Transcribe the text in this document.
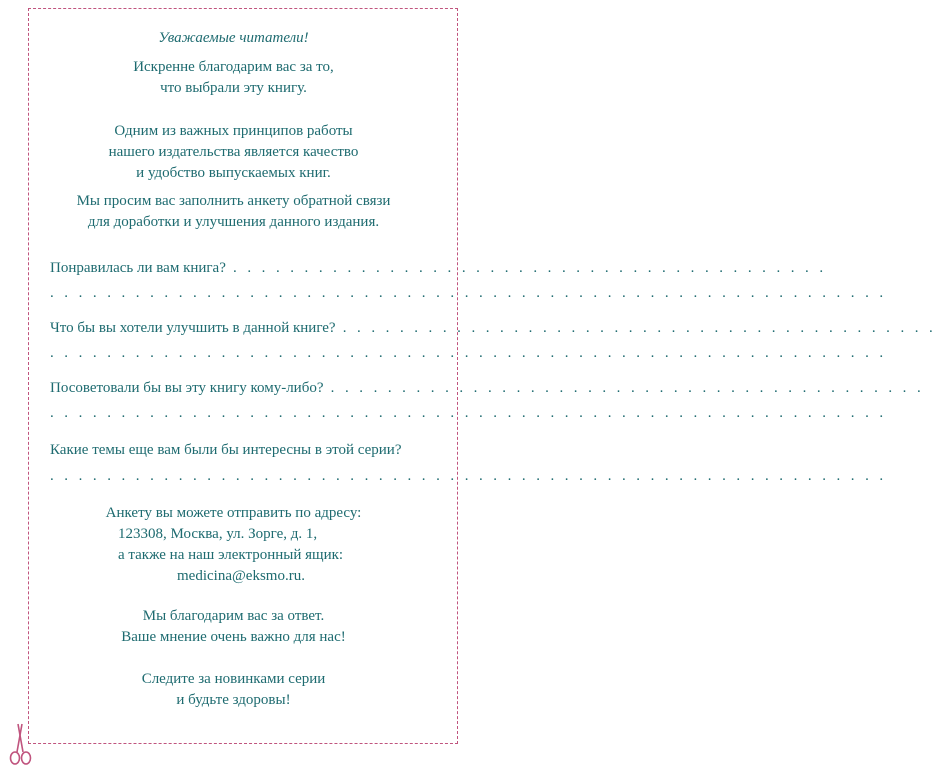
Уважаемые читатели!
Искренне благодарим вас за то,
что выбрали эту книгу.
Одним из важных принципов работы
нашего издательства является качество
и удобство выпускаемых книг.
Мы просим вас заполнить анкету обратной связи
для доработки и улучшения данного издания.
Понравилась ли вам книга? . . . . . . . . . . . . . . . . . . . . . . . . . . . . . . . . . . . . . . . . . .
. . . . . . . . . . . . . . . . . . . . . . . . . . . . . . . . . . . . . . . . . . . . . . . . . . . . . . . . . . .
Что бы вы хотели улучшить в данной книге? . . . . . . . . . . . . . . . . . . . . . . . . . . . . . . . . . . . . . . . . . .
. . . . . . . . . . . . . . . . . . . . . . . . . . . . . . . . . . . . . . . . . . . . . . . . . . . . . . . . . . .
Посоветовали бы вы эту книгу кому-либо? . . . . . . . . . . . . . . . . . . . . . . . . . . . . . . . . . . . . . . . . . .
. . . . . . . . . . . . . . . . . . . . . . . . . . . . . . . . . . . . . . . . . . . . . . . . . . . . . . . . . . .
Какие темы еще вам были бы интересны в этой серии?
. . . . . . . . . . . . . . . . . . . . . . . . . . . . . . . . . . . . . . . . . . . . . . . . . . . . . . . . . . .
Анкету вы можете отправить по адресу:
123308, Москва, ул. Зорге, д. 1,
а также на наш электронный ящик:
medicina@eksmo.ru.
Мы благодарим вас за ответ.
Ваше мнение очень важно для нас!
Следите за новинками серии
и будьте здоровы!
